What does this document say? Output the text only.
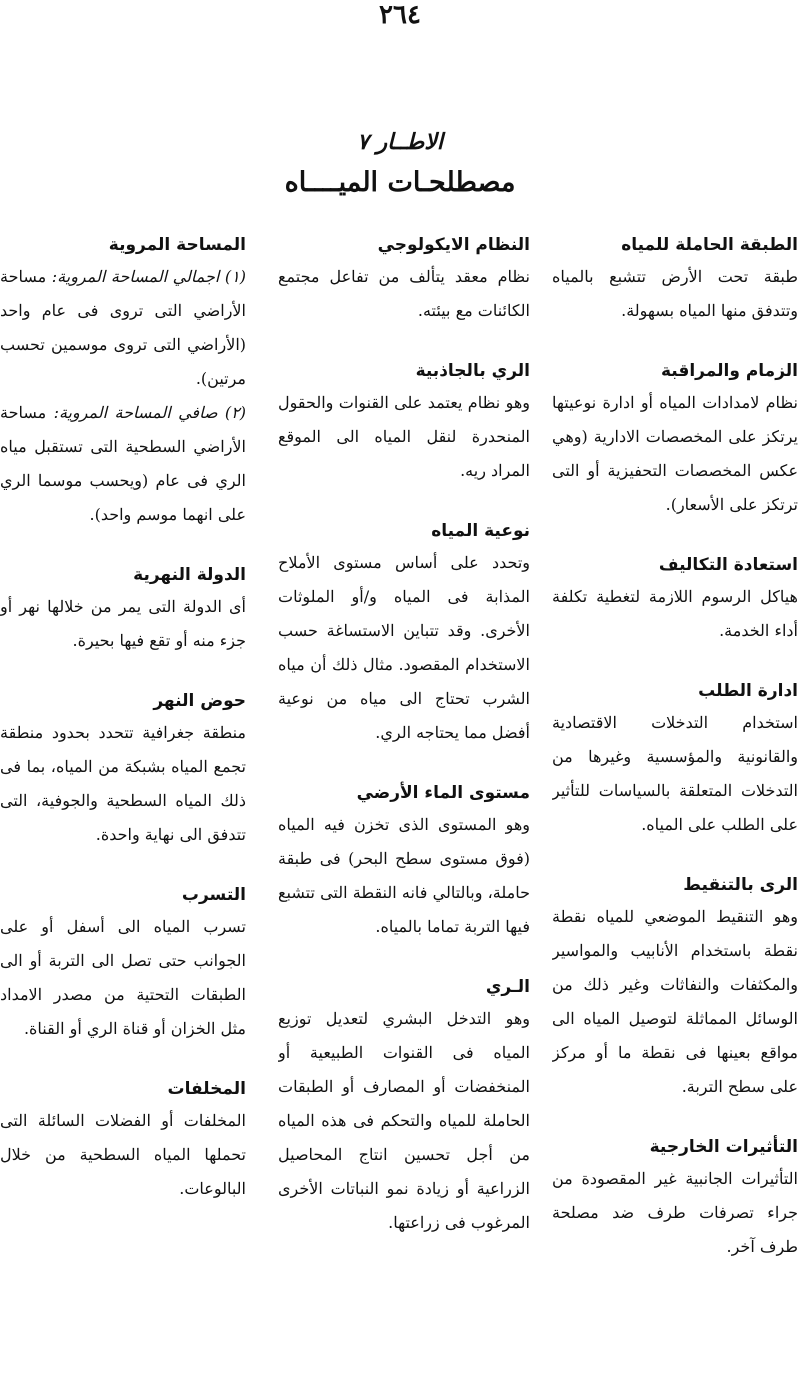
٢٦٤
الاطــار ٧
مصطلحـات الميــــاه
الطبقة الحاملة للمياه
طبقة تحت الأرض تتشبع بالمياه وتتدفق منها المياه بسهولة.
الزمام والمراقبة
نظام لامدادات المياه أو ادارة نوعيتها يرتكز على المخصصات الادارية (وهي عكس المخصصات التحفيزية أو التى ترتكز على الأسعار).
استعادة التكاليف
هياكل الرسوم اللازمة لتغطية تكلفة أداء الخدمة.
ادارة الطلب
استخدام التدخلات الاقتصادية والقانونية والمؤسسية وغيرها من التدخلات المتعلقة بالسياسات للتأثير على الطلب على المياه.
الرى بالتنقيط
وهو التنقيط الموضعي للمياه نقطة نقطة باستخدام الأنابيب والمواسير والمكثفات والنفاثات وغير ذلك من الوسائل المماثلة لتوصيل المياه الى مواقع بعينها فى نقطة ما أو مركز على سطح التربة.
التأثيرات الخارجية
التأثيرات الجانبية غير المقصودة من جراء تصرفات طرف ضد مصلحة طرف آخر.
النظام الايكولوجي
نظام معقد يتألف من تفاعل مجتمع الكائنات مع بيئته.
الري بالجاذبية
وهو نظام يعتمد على القنوات والحقول المنحدرة لنقل المياه الى الموقع المراد ريه.
نوعية المياه
وتحدد على أساس مستوى الأملاح المذابة فى المياه و/أو الملوثات الأخرى. وقد تتباين الاستساغة حسب الاستخدام المقصود. مثال ذلك أن مياه الشرب تحتاج الى مياه من نوعية أفضل مما يحتاجه الري.
مستوى الماء الأرضي
وهو المستوى الذى تخزن فيه المياه (فوق مستوى سطح البحر) فى طبقة حاملة، وبالتالي فانه النقطة التى تتشبع فيها التربة تماما بالمياه.
الـري
وهو التدخل البشري لتعديل توزيع المياه فى القنوات الطبيعية أو المنخفضات أو المصارف أو الطبقات الحاملة للمياه والتحكم فى هذه المياه من أجل تحسين انتاج المحاصيل الزراعية أو زيادة نمو النباتات الأخرى المرغوب فى زراعتها.
المساحة المروية
(١) اجمالي المساحة المروية: مساحة الأراضي التى تروى فى عام واحد (الأراضي التى تروى موسمين تحسب مرتين).
(٢) صافي المساحة المروية: مساحة الأراضي السطحية التى تستقبل مياه الري فى عام (ويحسب موسما الري على انهما موسم واحد).
الدولة النهرية
أى الدولة التى يمر من خلالها نهر أو جزء منه أو تقع فيها بحيرة.
حوض النهر
منطقة جغرافية تتحدد بحدود منطقة تجمع المياه بشبكة من المياه، بما فى ذلك المياه السطحية والجوفية، التى تتدفق الى نهاية واحدة.
التسرب
تسرب المياه الى أسفل أو على الجوانب حتى تصل الى التربة أو الى الطبقات التحتية من مصدر الامداد مثل الخزان أو قناة الري أو القناة.
المخلفات
المخلفات أو الفضلات السائلة التى تحملها المياه السطحية من خلال البالوعات.
